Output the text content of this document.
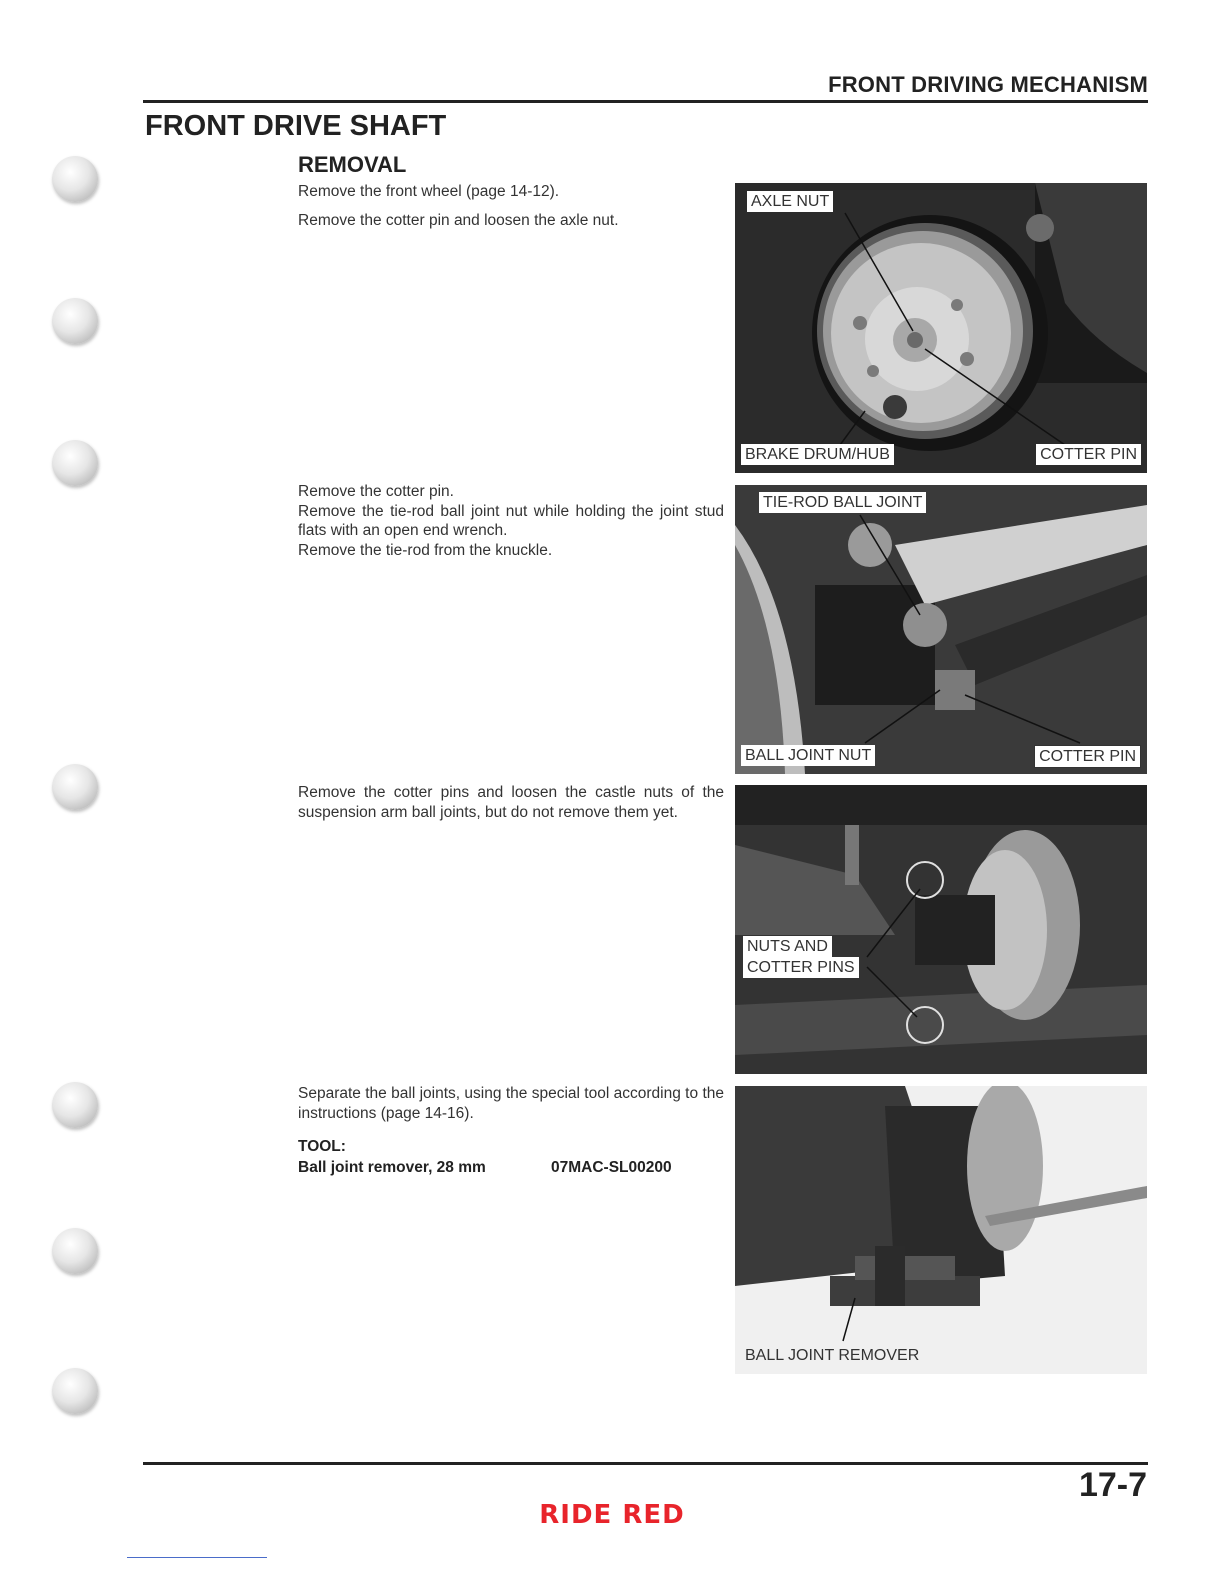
FRONT DRIVING MECHANISM
FRONT DRIVE SHAFT
REMOVAL
Remove the front wheel (page 14-12).
Remove the cotter pin and loosen the axle nut.
Remove the cotter pin.
Remove the tie-rod ball joint nut while holding the joint stud flats with an open end wrench.
Remove the tie-rod from the knuckle.
Remove the cotter pins and loosen the castle nuts of the suspension arm ball joints, but do not remove them yet.
Separate the ball joints, using the special tool according to the instructions (page 14-16).
TOOL:
Ball joint remover, 28 mm	07MAC-SL00200
AXLE NUT
BRAKE DRUM/HUB	COTTER PIN
TIE-ROD BALL JOINT
BALL JOINT NUT	COTTER PIN
NUTS AND
COTTER PINS
BALL JOINT REMOVER
17-7
RIDE RED
